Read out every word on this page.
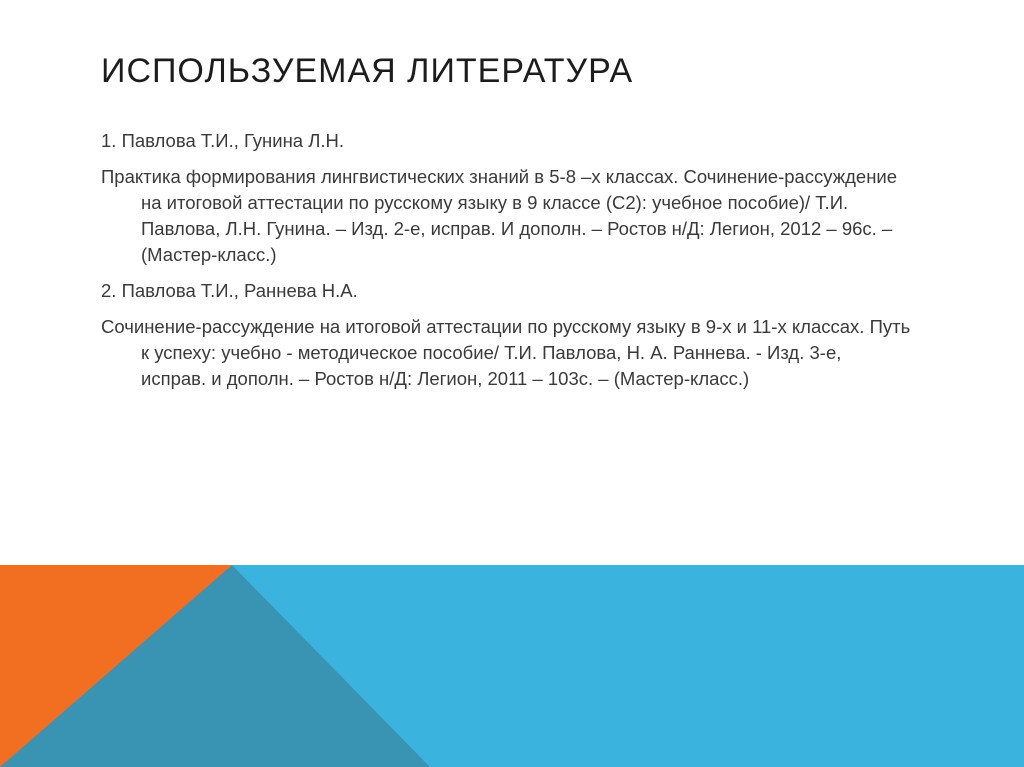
ИСПОЛЬЗУЕМАЯ ЛИТЕРАТУРА

1. Павлова Т.И., Гунина Л.Н.

Практика формирования лингвистических знаний в 5-8 –х классах. Сочинение-рассуждение на итоговой аттестации по русскому языку в 9 классе (С2): учебное пособие)/ Т.И. Павлова, Л.Н. Гунина. – Изд. 2-е, исправ. И дополн. – Ростов н/Д: Легион, 2012 – 96с. – (Мастер-класс.)

2. Павлова Т.И., Раннева Н.А.

Сочинение-рассуждение на итоговой аттестации по русскому языку в 9-х и 11-х классах. Путь к успеху: учебно - методическое пособие/ Т.И. Павлова, Н. А. Раннева. - Изд. 3-е, исправ. и дополн. – Ростов н/Д: Легион, 2011 – 103с. – (Мастер-класс.)
